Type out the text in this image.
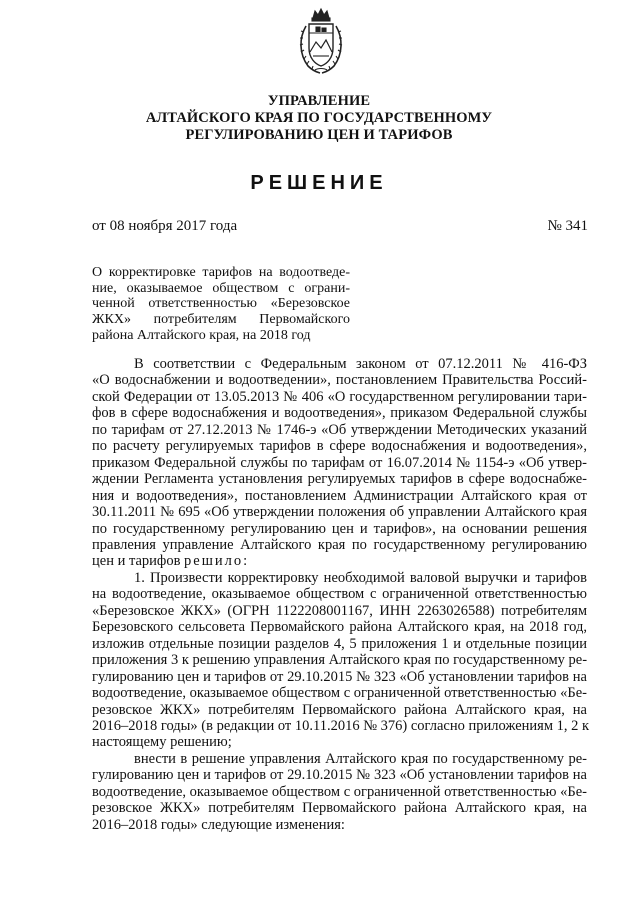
УПРАВЛЕНИЕ
АЛТАЙСКОГО КРАЯ ПО ГОСУДАРСТВЕННОМУ
РЕГУЛИРОВАНИЮ ЦЕН И ТАРИФОВ
РЕШЕНИЕ
от 08 ноября 2017 года	№ 341
О корректировке тарифов на водоотведе-
ние, оказываемое обществом с ограни-
ченной ответственностью «Березовское
ЖКХ» потребителям Первомайского
района Алтайского края, на 2018 год
В соответствии с Федеральным законом от 07.12.2011 № 416-ФЗ
«О водоснабжении и водоотведении», постановлением Правительства Россий-
ской Федерации от 13.05.2013 № 406 «О государственном регулировании тари-
фов в сфере водоснабжения и водоотведения», приказом Федеральной службы
по тарифам от 27.12.2013 № 1746-э «Об утверждении Методических указаний
по расчету регулируемых тарифов в сфере водоснабжения и водоотведения»,
приказом Федеральной службы по тарифам от 16.07.2014 № 1154-э «Об утвер-
ждении Регламента установления регулируемых тарифов в сфере водоснабже-
ния и водоотведения», постановлением Администрации Алтайского края от
30.11.2011 № 695 «Об утверждении положения об управлении Алтайского края
по государственному регулированию цен и тарифов», на основании решения
правления управление Алтайского края по государственному регулированию
цен и тарифов решило:
1. Произвести корректировку необходимой валовой выручки и тарифов
на водоотведение, оказываемое обществом с ограниченной ответственностью
«Березовское ЖКХ» (ОГРН 1122208001167, ИНН 2263026588) потребителям
Березовского сельсовета Первомайского района Алтайского края, на 2018 год,
изложив отдельные позиции разделов 4, 5 приложения 1 и отдельные позиции
приложения 3 к решению управления Алтайского края по государственному ре-
гулированию цен и тарифов от 29.10.2015 № 323 «Об установлении тарифов на
водоотведение, оказываемое обществом с ограниченной ответственностью «Бе-
резовское ЖКХ» потребителям Первомайского района Алтайского края, на
2016–2018 годы» (в редакции от 10.11.2016 № 376) согласно приложениям 1, 2 к
настоящему решению;
внести в решение управления Алтайского края по государственному ре-
гулированию цен и тарифов от 29.10.2015 № 323 «Об установлении тарифов на
водоотведение, оказываемое обществом с ограниченной ответственностью «Бе-
резовское ЖКХ» потребителям Первомайского района Алтайского края, на
2016–2018 годы» следующие изменения:
